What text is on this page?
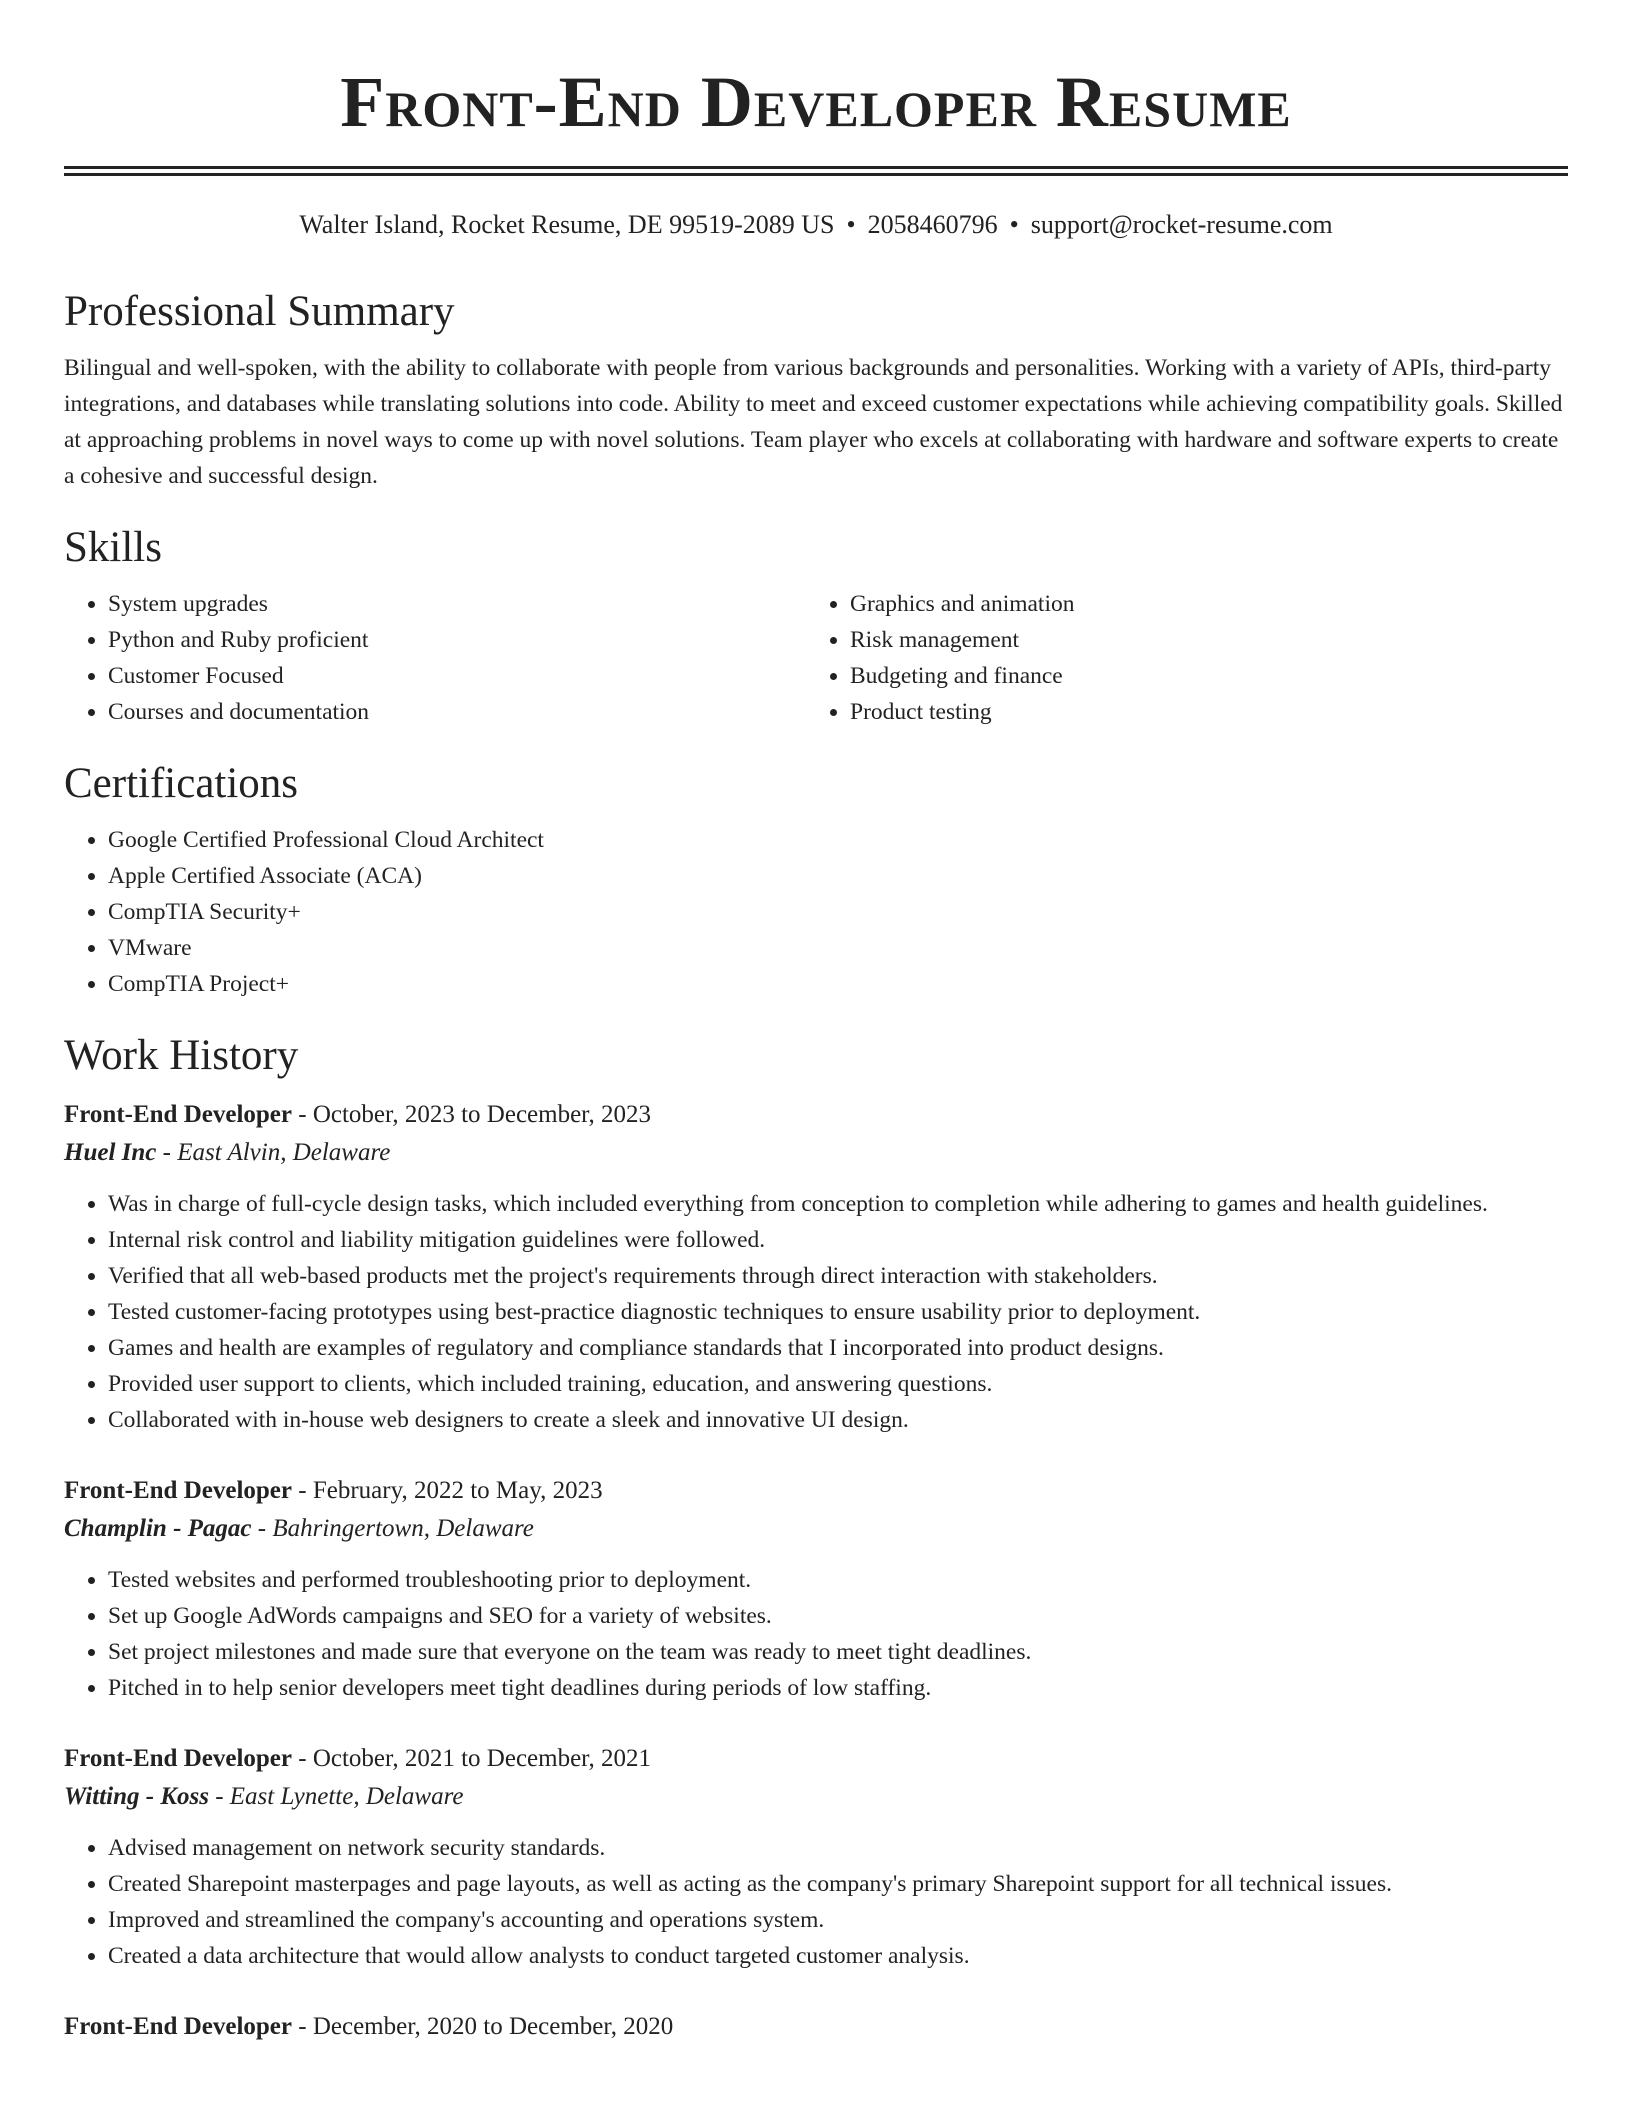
Front-End Developer Resume
Walter Island, Rocket Resume, DE 99519-2089 US • 2058460796 • support@rocket-resume.com
Professional Summary

Bilingual and well-spoken, with the ability to collaborate with people from various backgrounds and personalities. Working with a variety of APIs, third-party integrations, and databases while translating solutions into code. Ability to meet and exceed customer expectations while achieving compatibility goals. Skilled at approaching problems in novel ways to come up with novel solutions. Team player who excels at collaborating with hardware and software experts to create a cohesive and successful design.

Skills
• System upgrades
• Python and Ruby proficient
• Customer Focused
• Courses and documentation
• Graphics and animation
• Risk management
• Budgeting and finance
• Product testing
Certifications
• Google Certified Professional Cloud Architect
• Apple Certified Associate (ACA)
• CompTIA Security+
• VMware
• CompTIA Project+
Work History
Front-End Developer - October, 2023 to December, 2023
Huel Inc - East Alvin, Delaware
• Was in charge of full-cycle design tasks, which included everything from conception to completion while adhering to games and health guidelines.
• Internal risk control and liability mitigation guidelines were followed.
• Verified that all web-based products met the project's requirements through direct interaction with stakeholders.
• Tested customer-facing prototypes using best-practice diagnostic techniques to ensure usability prior to deployment.
• Games and health are examples of regulatory and compliance standards that I incorporated into product designs.
• Provided user support to clients, which included training, education, and answering questions.
• Collaborated with in-house web designers to create a sleek and innovative UI design.
Front-End Developer - February, 2022 to May, 2023
Champlin - Pagac - Bahringertown, Delaware
• Tested websites and performed troubleshooting prior to deployment.
• Set up Google AdWords campaigns and SEO for a variety of websites.
• Set project milestones and made sure that everyone on the team was ready to meet tight deadlines.
• Pitched in to help senior developers meet tight deadlines during periods of low staffing.
Front-End Developer - October, 2021 to December, 2021
Witting - Koss - East Lynette, Delaware
• Advised management on network security standards.
• Created Sharepoint masterpages and page layouts, as well as acting as the company's primary Sharepoint support for all technical issues.
• Improved and streamlined the company's accounting and operations system.
• Created a data architecture that would allow analysts to conduct targeted customer analysis.
Front-End Developer - December, 2020 to December, 2020
